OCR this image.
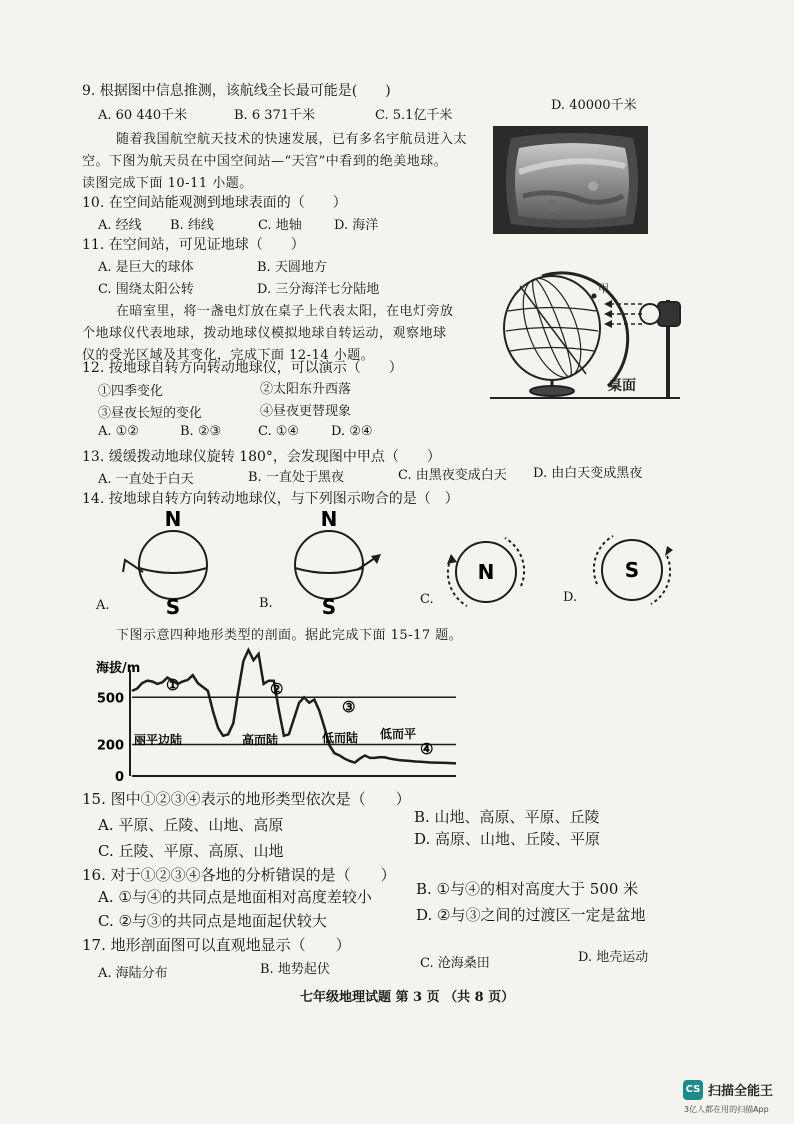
9. 根据图中信息推测，该航线全长最可能是(　　)
A. 60 440千米	B. 6 371千米	C. 5.1亿千米
D. 40000千米
随着我国航空航天技术的快速发展，已有多名宇航员进入太
空。下图为航天员在中国空间站—“天宫”中看到的绝美地球。
读图完成下面 10-11 小题。
10. 在空间站能观测到地球表面的（　　）
A. 经线 B. 纬线	C. 地轴 D. 海洋
11. 在空间站，可见证地球（　　）
A. 是巨大的球体	B. 天圆地方
C. 围绕太阳公转	D. 三分海洋七分陆地
在暗室里，将一盏电灯放在桌子上代表太阳，在电灯旁放
个地球仪代表地球，拨动地球仪模拟地球自转运动，观察地球
仪的受光区域及其变化，完成下面 12-14 小题。
甲
桌面
12. 按地球自转方向转动地球仪，可以演示（　　）
①四季变化	②太阳东升西落
③昼夜长短的变化	④昼夜更替现象
A. ①②	B. ②③	C. ①④ D. ②④
13. 缓缓拨动地球仪旋转 180°，会发现图中甲点（　　）
A. 一直处于白天	B. 一直处于黑夜	C. 由黑夜变成白天 D. 由白天变成黑夜
14. 按地球自转方向转动地球仪，与下列图示吻合的是（　）
N
S
N
S
N	S
A.	B.	C.	D.
下图示意四种地形类型的剖面。据此完成下面 15-17 题。
海拔/m
0
200
500
①	②
③
④
丽平边陆	高而陆	低而陆 低而平
15. 图中①②③④表示的地形类型依次是（　　）
A. 平原、丘陵、山地、高原	B. 山地、高原、平原、丘陵
C. 丘陵、平原、高原、山地
D. 高原、山地、丘陵、平原
16. 对于①②③④各地的分析错误的是（　　）
A. ①与④的共同点是地面相对高度差较小	B. ①与④的相对高度大于 500 米
C. ②与③的共同点是地面起伏较大	D. ②与③之间的过渡区一定是盆地
17. 地形剖面图可以直观地显示（　　）
A. 海陆分布	B. 地势起伏	C. 沧海桑田	D. 地壳运动
七年级地理试题 第 3 页 （共 8 页）
CS 扫描全能王
3亿人都在用的扫描App
